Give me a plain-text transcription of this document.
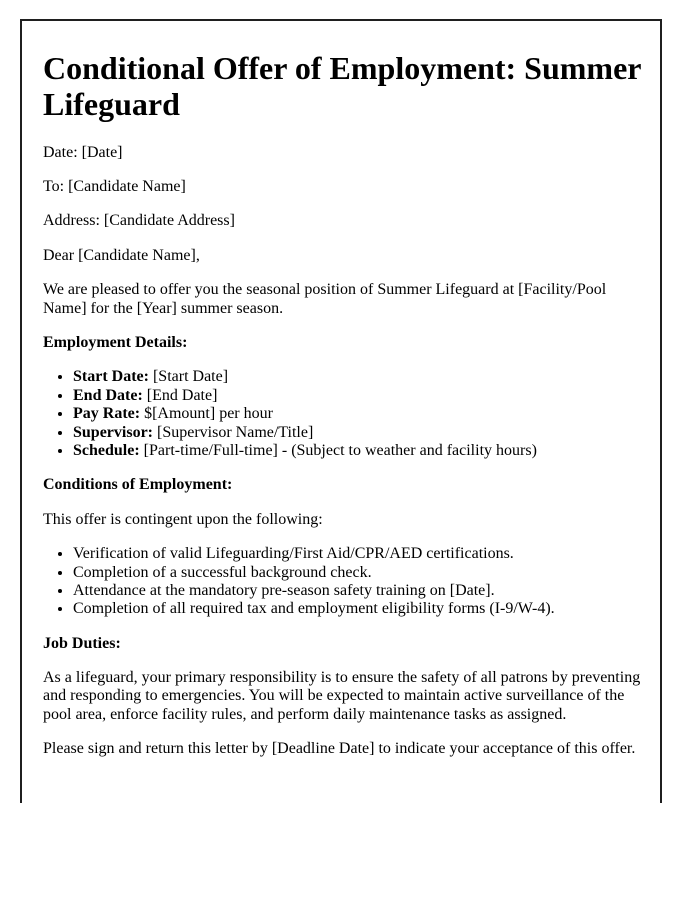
Conditional Offer of Employment: Summer Lifeguard

Date: [Date]

To: [Candidate Name]

Address: [Candidate Address]

Dear [Candidate Name],

We are pleased to offer you the seasonal position of Summer Lifeguard at [Facility/Pool Name] for the [Year] summer season.

Employment Details:

• Start Date: [Start Date]
• End Date: [End Date]
• Pay Rate: $[Amount] per hour
• Supervisor: [Supervisor Name/Title]
• Schedule: [Part-time/Full-time] - (Subject to weather and facility hours)

Conditions of Employment:

This offer is contingent upon the following:

• Verification of valid Lifeguarding/First Aid/CPR/AED certifications.
• Completion of a successful background check.
• Attendance at the mandatory pre-season safety training on [Date].
• Completion of all required tax and employment eligibility forms (I-9/W-4).

Job Duties:

As a lifeguard, your primary responsibility is to ensure the safety of all patrons by preventing and responding to emergencies. You will be expected to maintain active surveillance of the pool area, enforce facility rules, and perform daily maintenance tasks as assigned.

Please sign and return this letter by [Deadline Date] to indicate your acceptance of this offer.
